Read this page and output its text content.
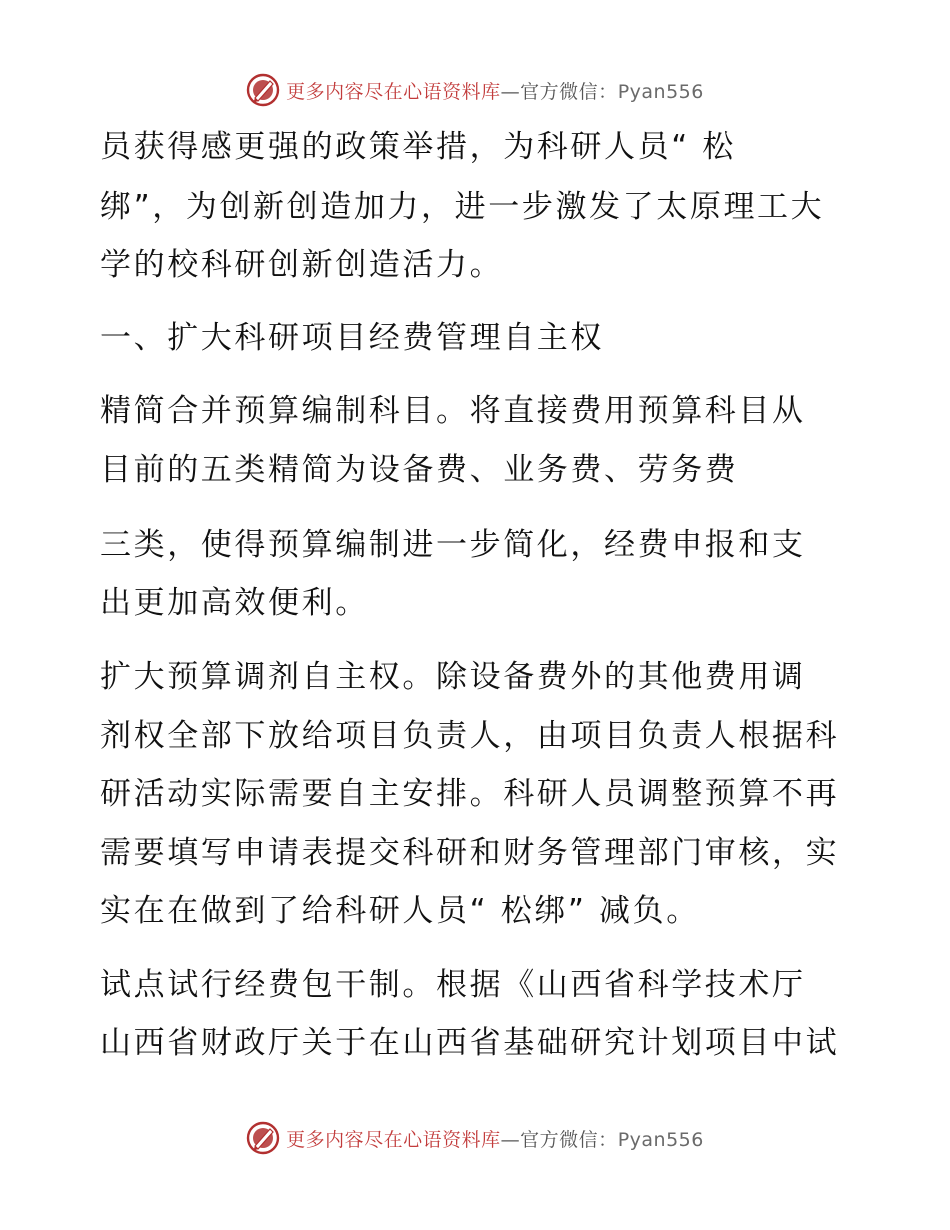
更多内容尽在心语资料库—官方微信：Pyan556
员获得感更强的政策举措，为科研人员“ 松
绑”，为创新创造加力，进一步激发了太原理工大
学的校科研创新创造活力。
一、扩大科研项目经费管理自主权
精简合并预算编制科目。将直接费用预算科目从
目前的五类精简为设备费、业务费、劳务费
三类，使得预算编制进一步简化，经费申报和支
出更加高效便利。
扩大预算调剂自主权。除设备费外的其他费用调
剂权全部下放给项目负责人，由项目负责人根据科
研活动实际需要自主安排。科研人员调整预算不再
需要填写申请表提交科研和财务管理部门审核，实
实在在做到了给科研人员“ 松绑” 减负。
试点试行经费包干制。根据《山西省科学技术厅
山西省财政厅关于在山西省基础研究计划项目中试
更多内容尽在心语资料库—官方微信：Pyan556
